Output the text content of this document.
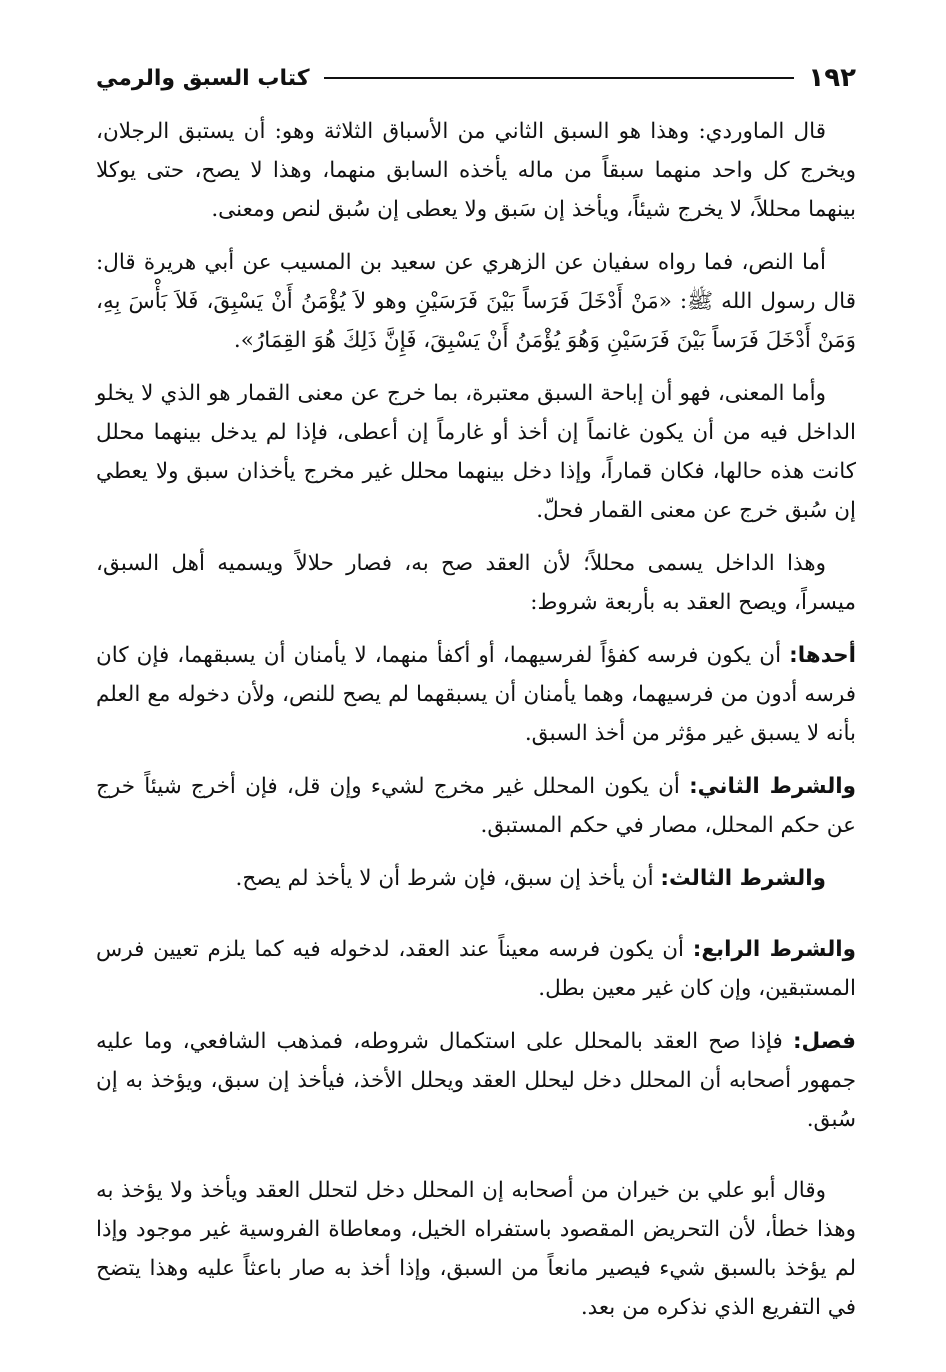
١٩٢
كتاب السبق والرمي

قال الماوردي: وهذا هو السبق الثاني من الأسباق الثلاثة وهو: أن يستبق الرجلان، ويخرج كل واحد منهما سبقاً من ماله يأخذه السابق منهما، وهذا لا يصح، حتى يوكلا بينهما محللاً، لا يخرج شيئاً، ويأخذ إن سَبق ولا يعطى إن سُبق لنص ومعنى.

أما النص، فما رواه سفيان عن الزهري عن سعيد بن المسيب عن أبي هريرة قال: قال رسول الله ﷺ: «مَنْ أَدْخَلَ فَرَساً بَيْنَ فَرَسَيْنِ وهو لاَ يُؤْمَنُ أَنْ يَسْبِقَ، فَلاَ بَأْسَ بِهِ، وَمَنْ أَدْخَلَ فَرَساً بَيْنَ فَرَسَيْنِ وَهُوَ يُؤْمَنُ أَنْ يَسْبِقَ، فَإِنَّ ذَلِكَ هُوَ القِمَارُ».

وأما المعنى، فهو أن إباحة السبق معتبرة، بما خرج عن معنى القمار هو الذي لا يخلو الداخل فيه من أن يكون غانماً إن أخذ أو غارماً إن أعطى، فإذا لم يدخل بينهما محلل كانت هذه حالها، فكان قماراً، وإذا دخل بينهما محلل غير مخرج يأخذان سبق ولا يعطي إن سُبق خرج عن معنى القمار فحلّ.

وهذا الداخل يسمى محللاً؛ لأن العقد صح به، فصار حلالاً ويسميه أهل السبق، ميسراً، ويصح العقد به بأربعة شروط:

أحدها: أن يكون فرسه كفؤاً لفرسيهما، أو أكفأ منهما، لا يأمنان أن يسبقهما، فإن كان فرسه أدون من فرسيهما، وهما يأمنان أن يسبقهما لم يصح للنص، ولأن دخوله مع العلم بأنه لا يسبق غير مؤثر من أخذ السبق.

والشرط الثاني: أن يكون المحلل غير مخرج لشيء وإن قل، فإن أخرج شيئاً خرج عن حكم المحلل، مصار في حكم المستبق.

والشرط الثالث: أن يأخذ إن سبق، فإن شرط أن لا يأخذ لم يصح.

والشرط الرابع: أن يكون فرسه معيناً عند العقد، لدخوله فيه كما يلزم تعيين فرس المستبقين، وإن كان غير معين بطل.

فصل: فإذا صح العقد بالمحلل على استكمال شروطه، فمذهب الشافعي، وما عليه جمهور أصحابه أن المحلل دخل ليحلل العقد ويحلل الأخذ، فيأخذ إن سبق، ويؤخذ به إن سُبق.

وقال أبو علي بن خيران من أصحابه إن المحلل دخل لتحلل العقد ويأخذ ولا يؤخذ به وهذا خطأ، لأن التحريض المقصود باستفراه الخيل، ومعاطاة الفروسية غير موجود وإذا لم يؤخذ بالسبق شيء فيصير مانعاً من السبق، وإذا أخذ به صار باعثاً عليه وهذا يتضح في التفريع الذي نذكره من بعد.
